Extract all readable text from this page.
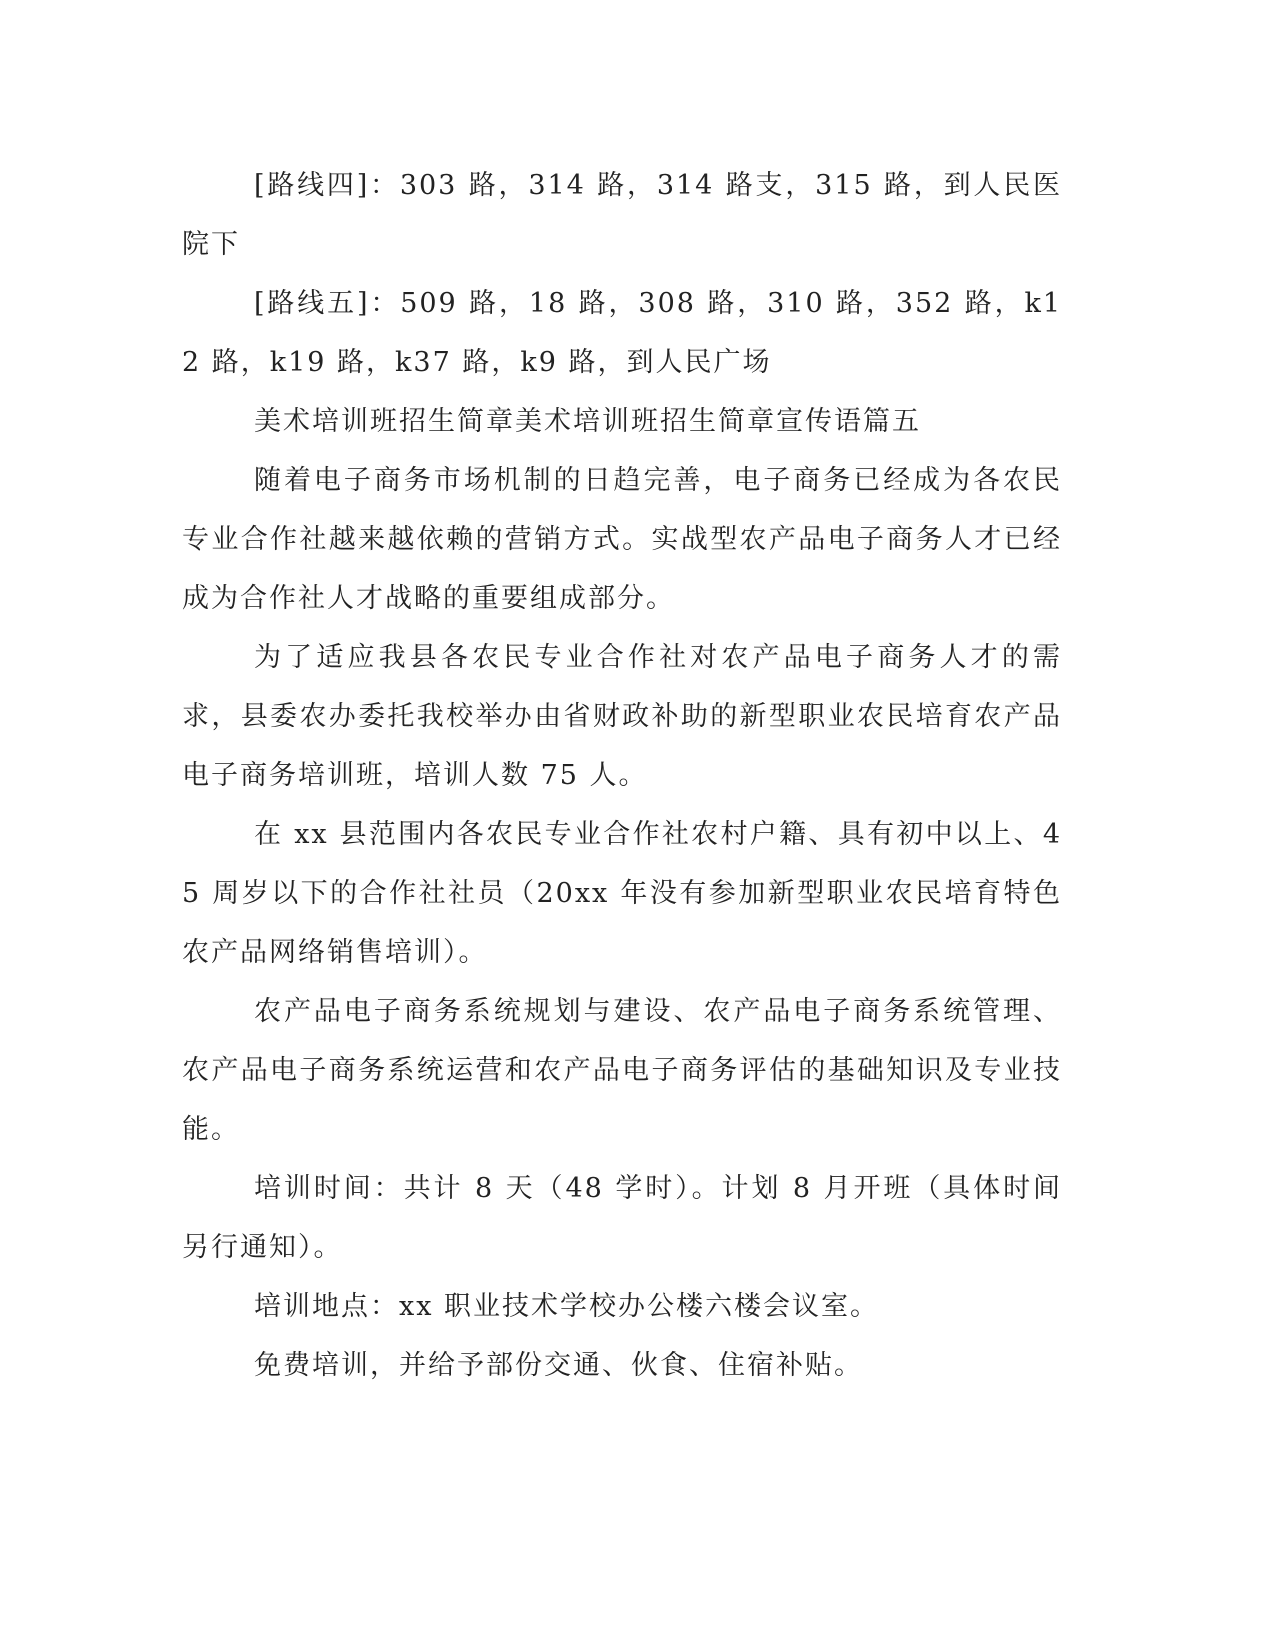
[路线四]：303 路，314 路，314 路支，315 路，到人民医院下

[路线五]：509 路，18 路，308 路，310 路，352 路，k12 路，k19 路，k37 路，k9 路，到人民广场

美术培训班招生简章美术培训班招生简章宣传语篇五

随着电子商务市场机制的日趋完善，电子商务已经成为各农民专业合作社越来越依赖的营销方式。实战型农产品电子商务人才已经成为合作社人才战略的重要组成部分。

为了适应我县各农民专业合作社对农产品电子商务人才的需求，县委农办委托我校举办由省财政补助的新型职业农民培育农产品电子商务培训班，培训人数 75 人。

在 xx 县范围内各农民专业合作社农村户籍、具有初中以上、45 周岁以下的合作社社员（20xx 年没有参加新型职业农民培育特色农产品网络销售培训）。

农产品电子商务系统规划与建设、农产品电子商务系统管理、农产品电子商务系统运营和农产品电子商务评估的基础知识及专业技能。

培训时间：共计 8 天（48 学时）。计划 8 月开班（具体时间另行通知）。

培训地点：xx 职业技术学校办公楼六楼会议室。

免费培训，并给予部份交通、伙食、住宿补贴。
